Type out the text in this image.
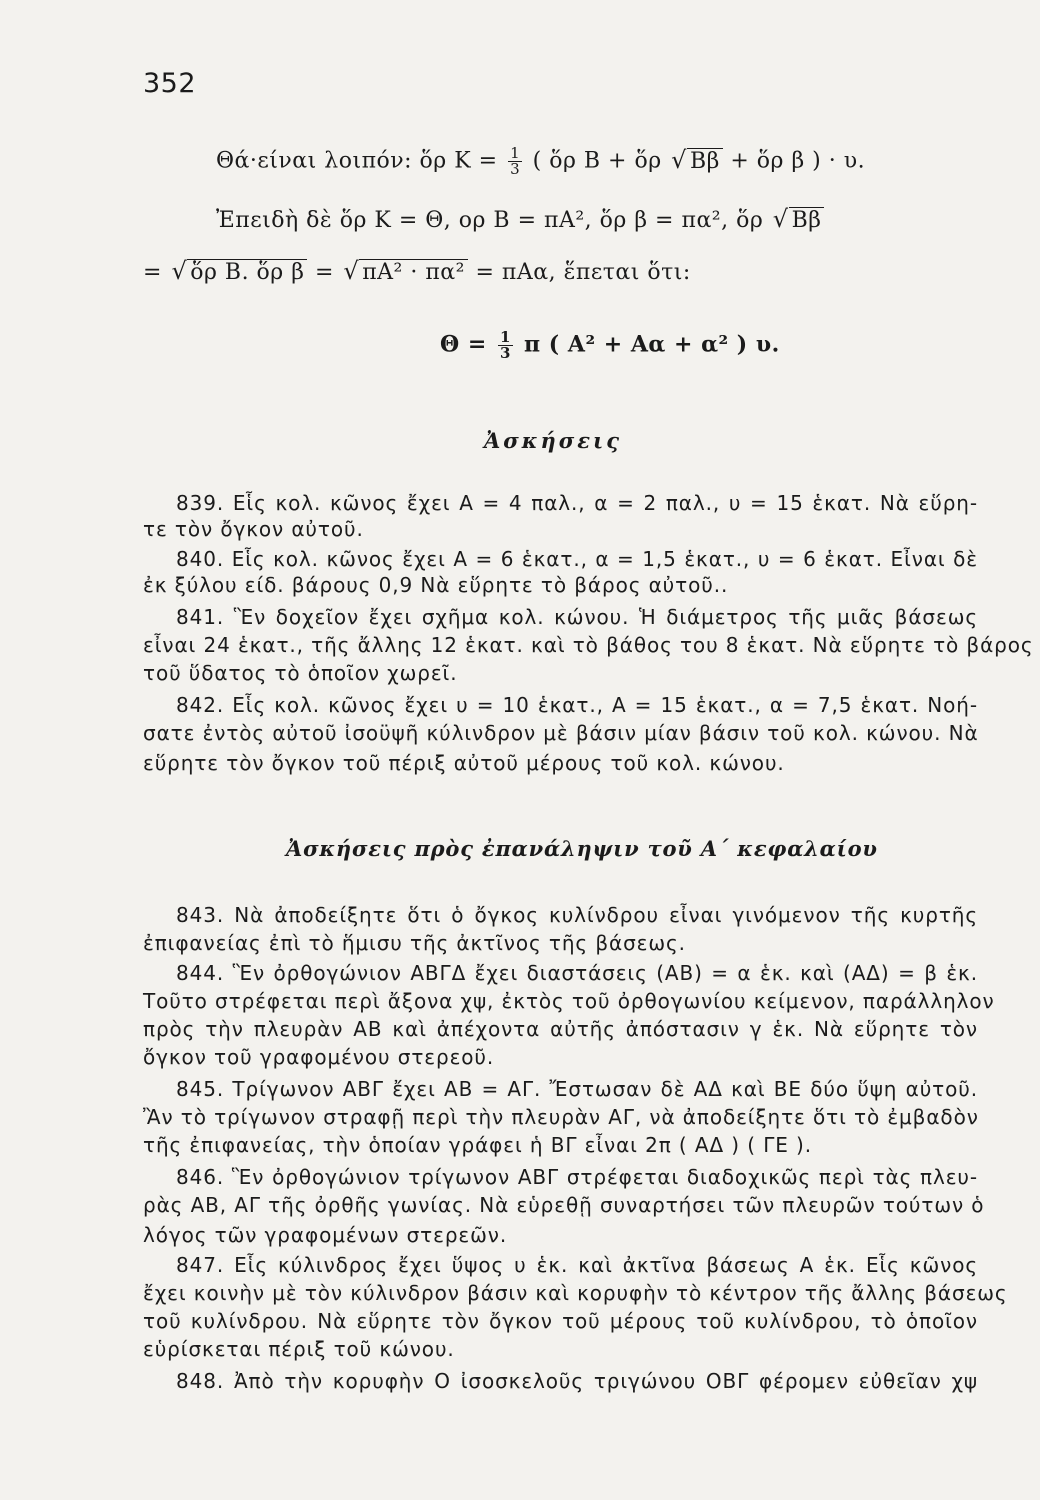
352
Θά·είναι λοιπόν: ὅρ $K = \frac{1}{3}$ ( ὅρ B + ὅρ √ Bβ + ὅρ β ) · υ.
Ἐπειδὴ δὲ ὅρ K = Θ, ορ B = πA², ὅρ β = πα², ὅρ √ Bβ
= √ ὅρ B. ὅρ β = √ πA² · πα² = πAα, ἕπεται ὅτι:
$\Theta = \frac{1}{3}$ π ( A² + Aα + α² ) υ.
Ἀσκήσεις
839. Εἷς κολ. κῶνος ἔχει A = 4 παλ., α = 2 παλ., υ = 15 ἑκατ. Νὰ εὕρη-
τε τὸν ὄγκον αὐτοῦ.
840. Εἷς κολ. κῶνος ἔχει A = 6 ἑκατ., α = 1,5 ἑκατ., υ = 6 ἑκατ. Εἶναι δὲ
ἐκ ξύλου είδ. βάρους 0,9 Νὰ εὕρητε τὸ βάρος αὐτοῦ..
841. Ἓν δοχεῖον ἔχει σχῆμα κολ. κώνου. Ἡ διάμετρος τῆς μιᾶς βάσεως
εἶναι 24 ἑκατ., τῆς ἄλλης 12 ἑκατ. καὶ τὸ βάθος του 8 ἑκατ. Νὰ εὕρητε τὸ βάρος
τοῦ ὕδατος τὸ ὁποῖον χωρεῖ.
842. Εἷς κολ. κῶνος ἔχει υ = 10 ἑκατ., A = 15 ἑκατ., α = 7,5 ἑκατ. Νοή-
σατε ἐντὸς αὐτοῦ ἰσοϋψῆ κύλινδρον μὲ βάσιν μίαν βάσιν τοῦ κολ. κώνου. Νὰ
εὕρητε τὸν ὄγκον τοῦ πέριξ αὐτοῦ μέρους τοῦ κολ. κώνου.
Ἀσκήσεις πρὸς ἐπανάληψιν τοῦ Α΄ κεφαλαίου
843. Νὰ ἀποδείξητε ὅτι ὁ ὄγκος κυλίνδρου εἶναι γινόμενον τῆς κυρτῆς
ἐπιφανείας ἐπὶ τὸ ἥμισυ τῆς ἀκτῖνος τῆς βάσεως.
844. Ἓν ὀρθογώνιον ΑΒΓΔ ἔχει διαστάσεις (AB) = α ἑκ. καὶ (AΔ) = β ἑκ.
Τοῦτο στρέφεται περὶ ἄξονα χψ, ἐκτὸς τοῦ ὀρθογωνίου κείμενον, παράλληλον
πρὸς τὴν πλευρὰν AB καὶ ἀπέχοντα αὐτῆς ἀπόστασιν γ ἑκ. Νὰ εὕρητε τὸν
ὄγκον τοῦ γραφομένου στερεοῦ.
845. Τρίγωνον ΑΒΓ ἔχει AB = AΓ. Ἔστωσαν δὲ AΔ καὶ BE δύο ὕψη αὐτοῦ.
Ἂν τὸ τρίγωνον στραφῇ περὶ τὴν πλευρὰν AΓ, νὰ ἀποδείξητε ὅτι τὸ ἐμβαδὸν
τῆς ἐπιφανείας, τὴν ὁποίαν γράφει ἡ BΓ εἶναι 2π ( AΔ ) ( ΓE ).
846. Ἓν ὀρθογώνιον τρίγωνον ΑΒΓ στρέφεται διαδοχικῶς περὶ τὰς πλευ-
ρὰς AB, AΓ τῆς ὀρθῆς γωνίας. Νὰ εὑρεθῇ συναρτήσει τῶν πλευρῶν τούτων ὁ
λόγος τῶν γραφομένων στερεῶν.
847. Εἷς κύλινδρος ἔχει ὕψος υ ἑκ. καὶ ἀκτῖνα βάσεως A ἑκ. Εἷς κῶνος
ἔχει κοινὴν μὲ τὸν κύλινδρον βάσιν καὶ κορυφὴν τὸ κέντρον τῆς ἄλλης βάσεως
τοῦ κυλίνδρου. Νὰ εὕρητε τὸν ὄγκον τοῦ μέρους τοῦ κυλίνδρου, τὸ ὁποῖον
εὑρίσκεται πέριξ τοῦ κώνου.
848. Ἀπὸ τὴν κορυφὴν O ἰσοσκελοῦς τριγώνου ΟΒΓ φέρομεν εὐθεῖαν χψ
